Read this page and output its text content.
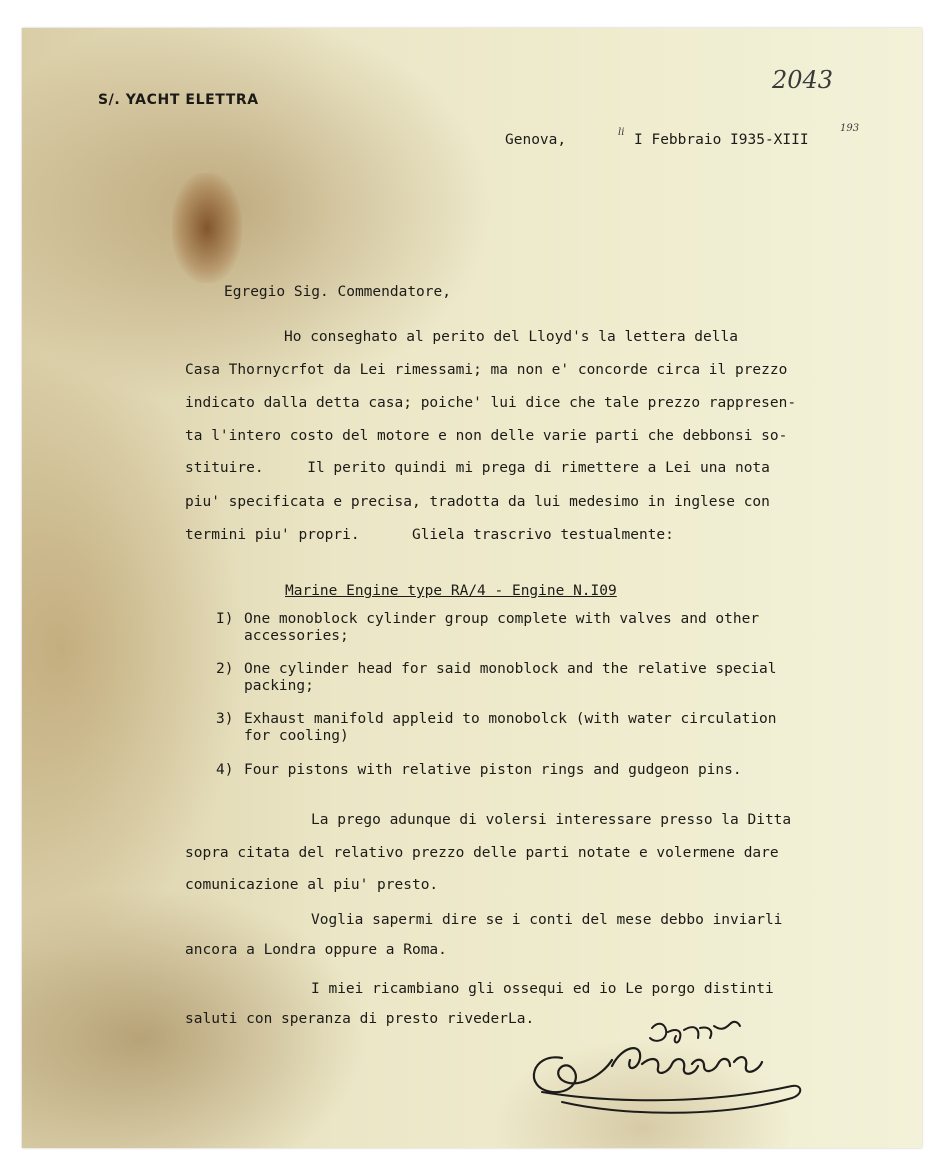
S/. YACHT ELETTRA
2043
Genova,	li I Febbraio I935-XIII
193
Egregio Sig. Commendatore,
Ho conseghato al perito del Lloyd's la lettera della
Casa Thornycrfot da Lei rimessami; ma non e' concorde circa il prezzo
indicato dalla detta casa; poiche' lui dice che tale prezzo rappresen-
ta l'intero costo del motore e non delle varie parti che debbonsi so-
stituire.     Il perito quindi mi prega di rimettere a Lei una nota
piu' specificata e precisa, tradotta da lui medesimo in inglese con
termini piu' propri.      Gliela trascrivo testualmente:
Marine Engine type RA/4 - Engine N.I09
I) One monoblock cylinder group complete with valves and other
accessories;
2) One cylinder head for said monoblock and the relative special
packing;
3) Exhaust manifold appleid to monobolck (with water circulation
for cooling)
4) Four pistons with relative piston rings and gudgeon pins.
La prego adunque di volersi interessare presso la Ditta
sopra citata del relativo prezzo delle parti notate e volermene dare
comunicazione al piu' presto.
Voglia sapermi dire se i conti del mese debbo inviarli
ancora a Londra oppure a Roma.
I miei ricambiano gli ossequi ed io Le porgo distinti
saluti con speranza di presto rivederLa.
